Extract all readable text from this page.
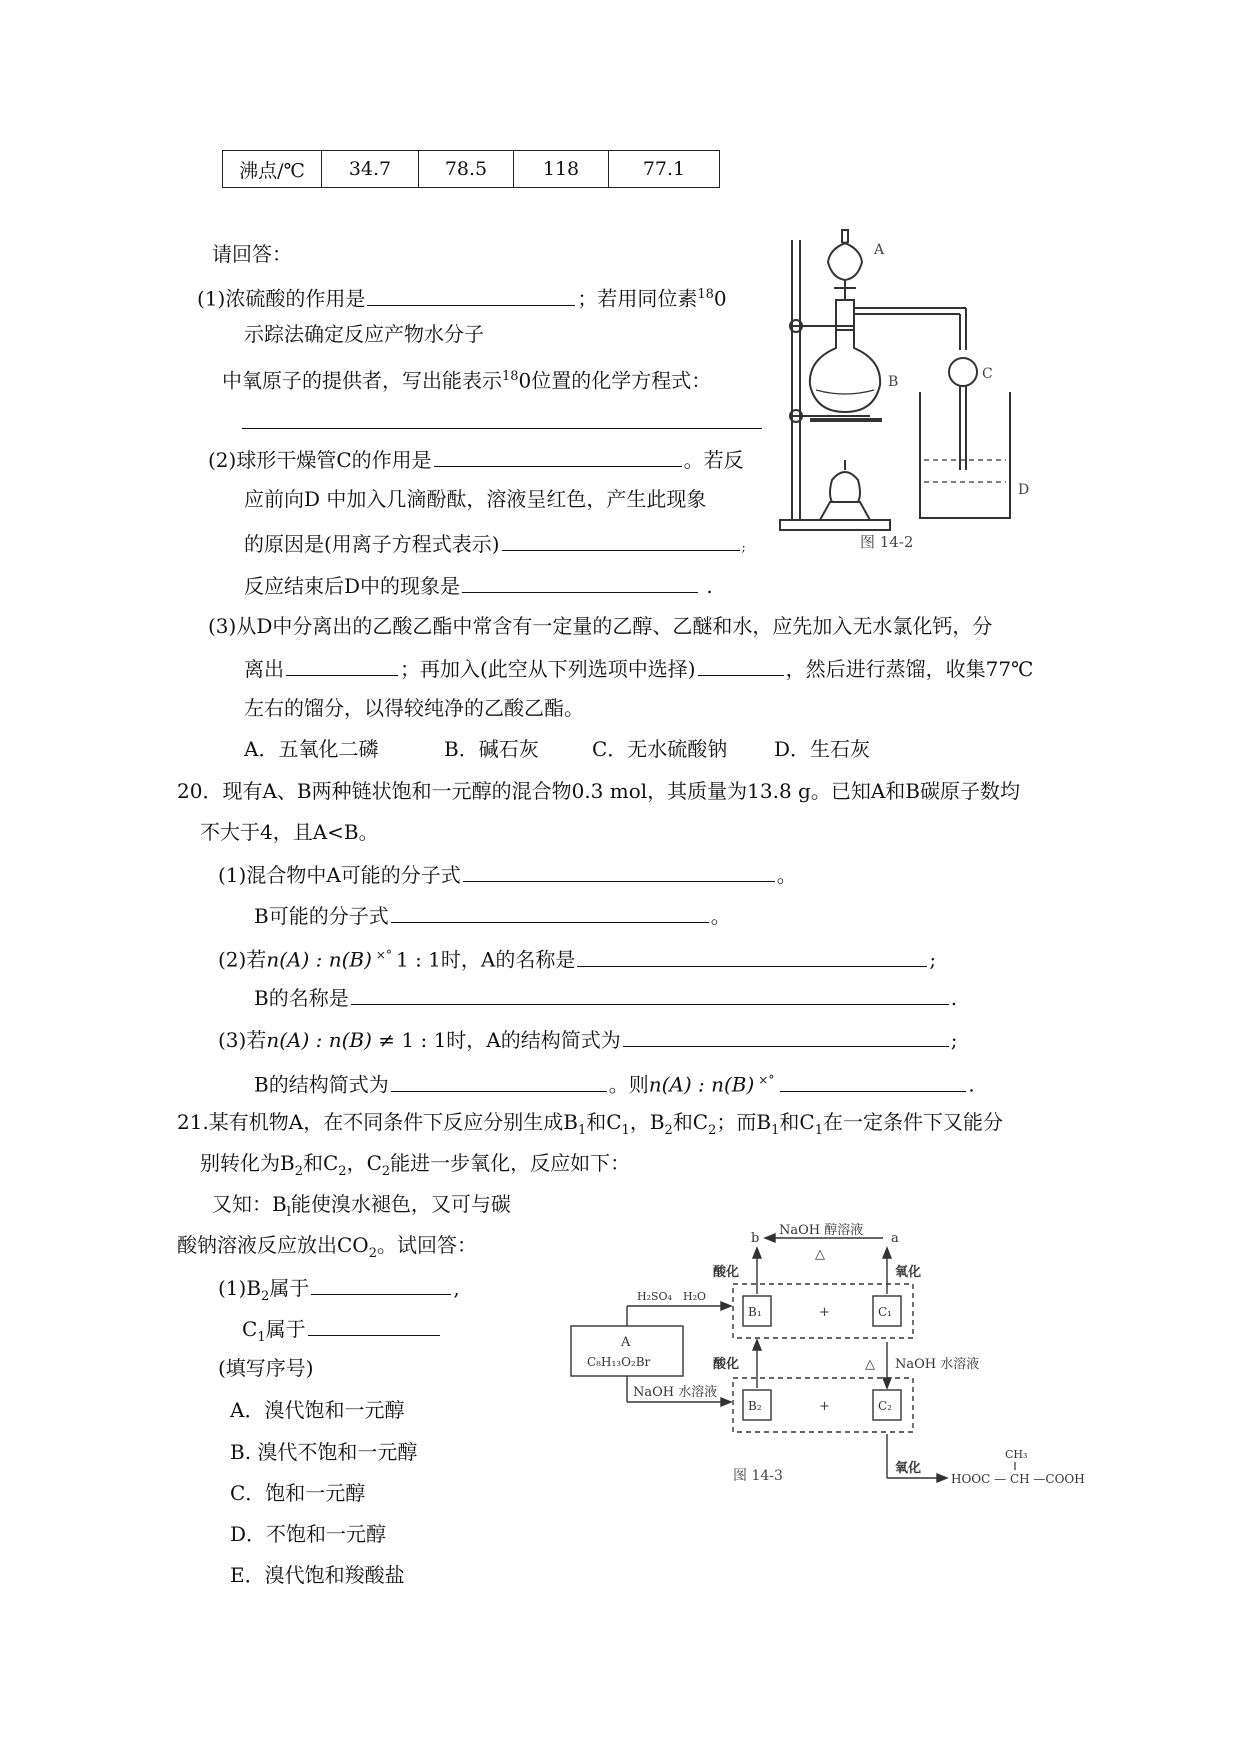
沸点/℃	34.7	78.5	118	77.1
请回答：
(1)浓硫酸的作用是	；若用同位素$^{18}$0
示踪法确定反应产物水分子
中氧原子的提供者，写出能表示$^{18}$0位置的化学方程式：
(2)球形干燥管C的作用是	。若反
应前向D 中加入几滴酚酞，溶液呈红色，产生此现象
的原因是(用离子方程式表示)	;
反应结束后D中的现象是	.
(3)从D中分离出的乙酸乙酯中常含有一定量的乙醇、乙醚和水，应先加入无水氯化钙，分
离出	；再加入(此空从下列选项中选择)	，然后进行蒸馏，收集77℃
左右的馏分，以得较纯净的乙酸乙酯。
A．五氧化二磷	B．碱石灰	C．无水硫酸钠 D．生石灰
A
B	C
D
图 14-2
20．现有A、B两种链状饱和一元醇的混合物0.3 mol，其质量为13.8 g。已知A和B碳原子数均
不大于4，且A<B。
(1)混合物中A可能的分子式	。
B可能的分子式	。
(2)若n(A) : n(B) ×° 1 : 1时，A的名称是	;
B的名称是	.
(3)若n(A) : n(B) ≠ 1 : 1时，A的结构简式为	;
B的结构简式为	。则n(A) : n(B) ×°	.
21.某有机物A，在不同条件下反应分别生成$B_1$和$C_1$，$B_2$和$C_2$；而$B_1$和$C_1$在一定条件下又能分
别转化为$B_2$和$C_2$，$C_2$能进一步氧化，反应如下：
又知：$B_l$能使溴水褪色，又可与碳
酸钠溶液反应放出$CO_2$。试回答：
$(1)B_2$属于	,
$C_1$属于
(填写序号)
A．溴代饱和一元醇
B. 溴代不饱和一元醇
C．饱和一元醇
D．不饱和一元醇
E．溴代饱和羧酸盐
b	a
NaOH 醇溶液
△
酸化	氧化
H₂SO₄ H₂O
A
C₈H₁₃O₂Br
B₁	C₁
+
酸化	△ NaOH 水溶液
NaOH 水溶液
B₂	C₂
+
氧化
CH₃
HOOC — CH —COOH
图 14-3
